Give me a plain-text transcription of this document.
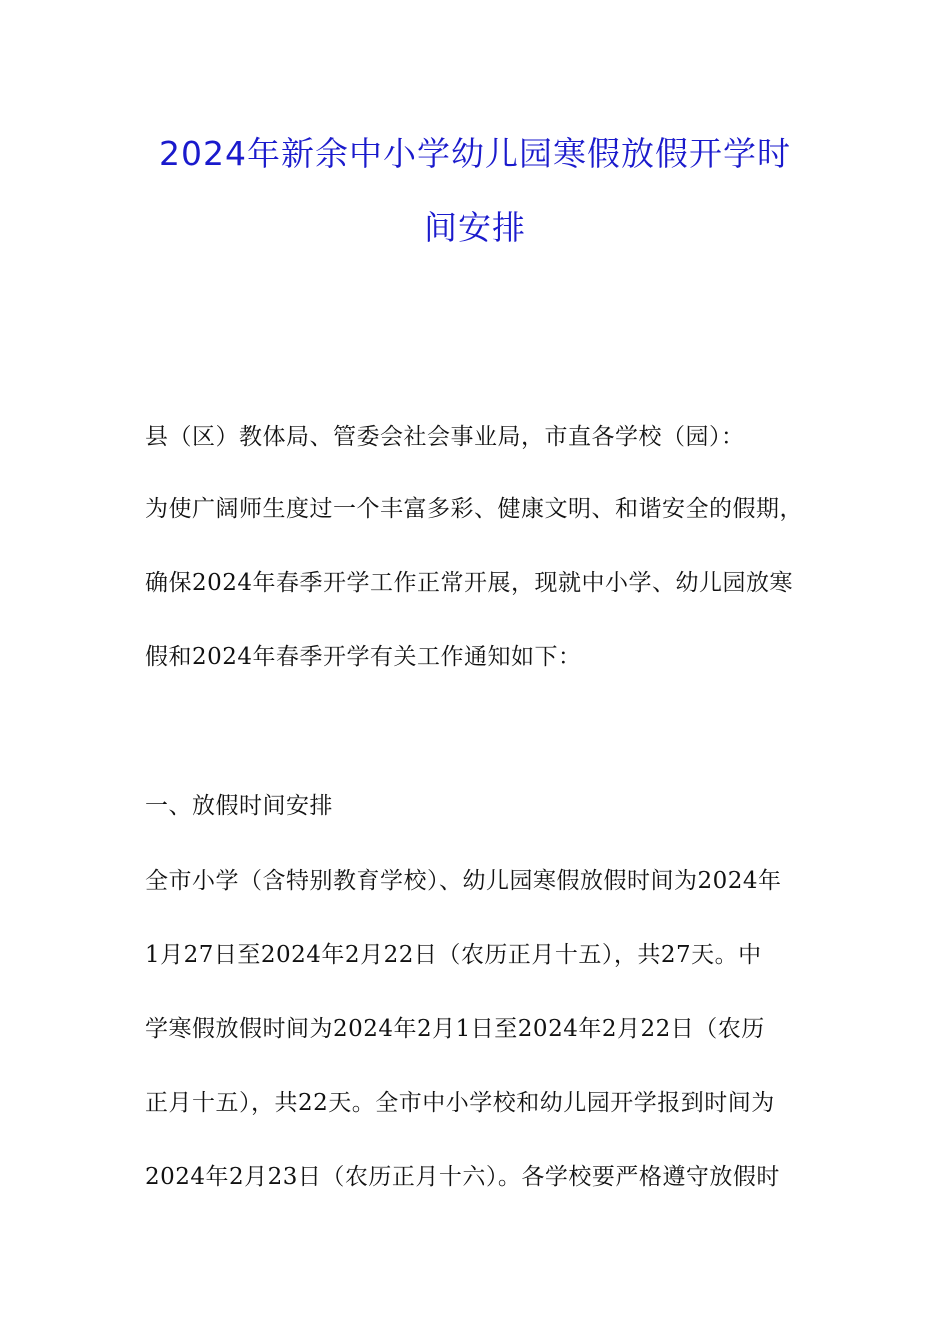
2024年新余中小学幼儿园寒假放假开学时
间安排
县（区）教体局、管委会社会事业局，市直各学校（园）：
为使广阔师生度过一个丰富多彩、健康文明、和谐安全的假期，
确保2024年春季开学工作正常开展，现就中小学、幼儿园放寒
假和2024年春季开学有关工作通知如下：
一、放假时间安排
全市小学（含特别教育学校）、幼儿园寒假放假时间为2024年
1月27日至2024年2月22日（农历正月十五），共27天。中
学寒假放假时间为2024年2月1日至2024年2月22日（农历
正月十五），共22天。全市中小学校和幼儿园开学报到时间为
2024年2月23日（农历正月十六）。各学校要严格遵守放假时
